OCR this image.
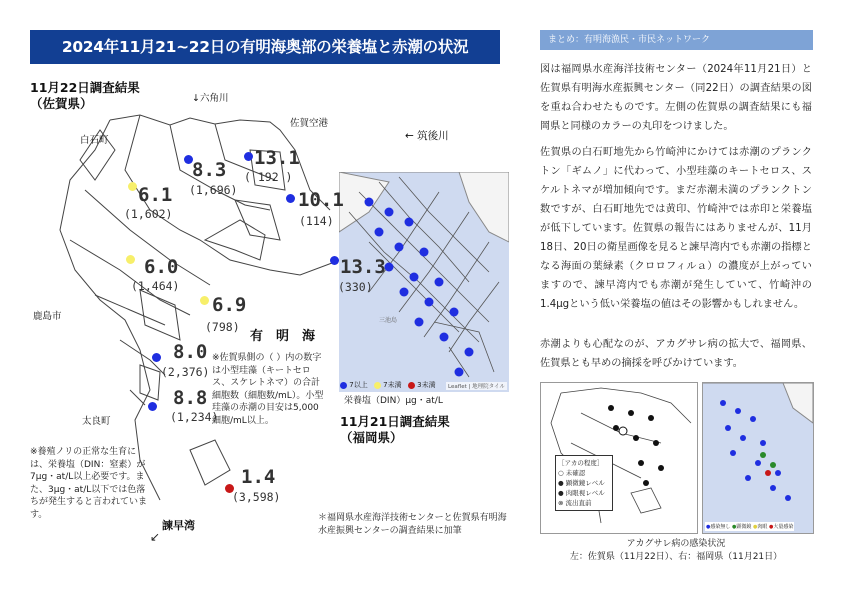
2024年11月21~22日の有明海奥部の栄養塩と赤潮の状況	まとめ：有明海漁民・市民ネットワーク
11月22日調査結果
（佐賀県）
三池島
Leaflet | 地理院タイル
↓六角川
白石町
佐賀空港
← 筑後川
鹿島市
有　明　海
太良町
諫早湾
8.3
(1,696)
13.1
( 192 )
6.1
(1,602)
10.1
(114)
6.0
(1,464)
13.3
(330)
6.9
(798)
8.0
(2,376)
8.8
(1,234)
1.4
(3,598)
↙
※佐賀県側の（ ）内の数字は小型珪藻（キートセロス、スケレトネマ）の合計細胞数（細胞数/mL）。小型珪藻の赤潮の目安は5,000細胞/mL以上。
※養殖ノリの正常な生育には、栄養塩（DIN：窒素）が7μg・at/L以上必要です。また、3μg・at/L以下では色落ちが発生すると言われています。
7以上 7未満 3未満
栄養塩（DIN）μg・at/L
11月21日調査結果
（福岡県）
＊福岡県水産海洋技術センターと佐賀県有明海水産振興センターの調査結果に加筆
図は福岡県水産海洋技術センター（2024年11月21日）と佐賀県有明海水産振興センター（同22日）の調査結果の図を重ね合わせたものです。左側の佐賀県の調査結果にも福岡県と同様のカラーの丸印をつけました。
佐賀県の白石町地先から竹崎沖にかけては赤潮のプランクトン「ギムノ」に代わって、小型珪藻のキートセロス、スケルトネマが増加傾向です。まだ赤潮未満のプランクトン数ですが、白石町地先では黄印、竹崎沖では赤印と栄養塩が低下しています。佐賀県の報告にはありませんが、11月18日、20日の衛星画像を見ると諫早湾内でも赤潮の指標となる海面の葉緑素（クロロフィルａ）の濃度が上がっていますので、諫早湾内でも赤潮が発生していて、竹崎沖の1.4μgという低い栄養塩の値はその影響かもしれません。
赤潮よりも心配なのが、アカグサレ病の拡大で、福岡県、佐賀県とも早めの摘採を呼びかけています。
［アカの程度］
○ 未確認
● 顕微鏡レベル
● 肉眼視レベル
⊗ 流出直前
●感染無し ●顕微鏡 ●肉眼 ●大量感染
アカグサレ病の感染状況
左：佐賀県（11月22日）、右：福岡県（11月21日）
